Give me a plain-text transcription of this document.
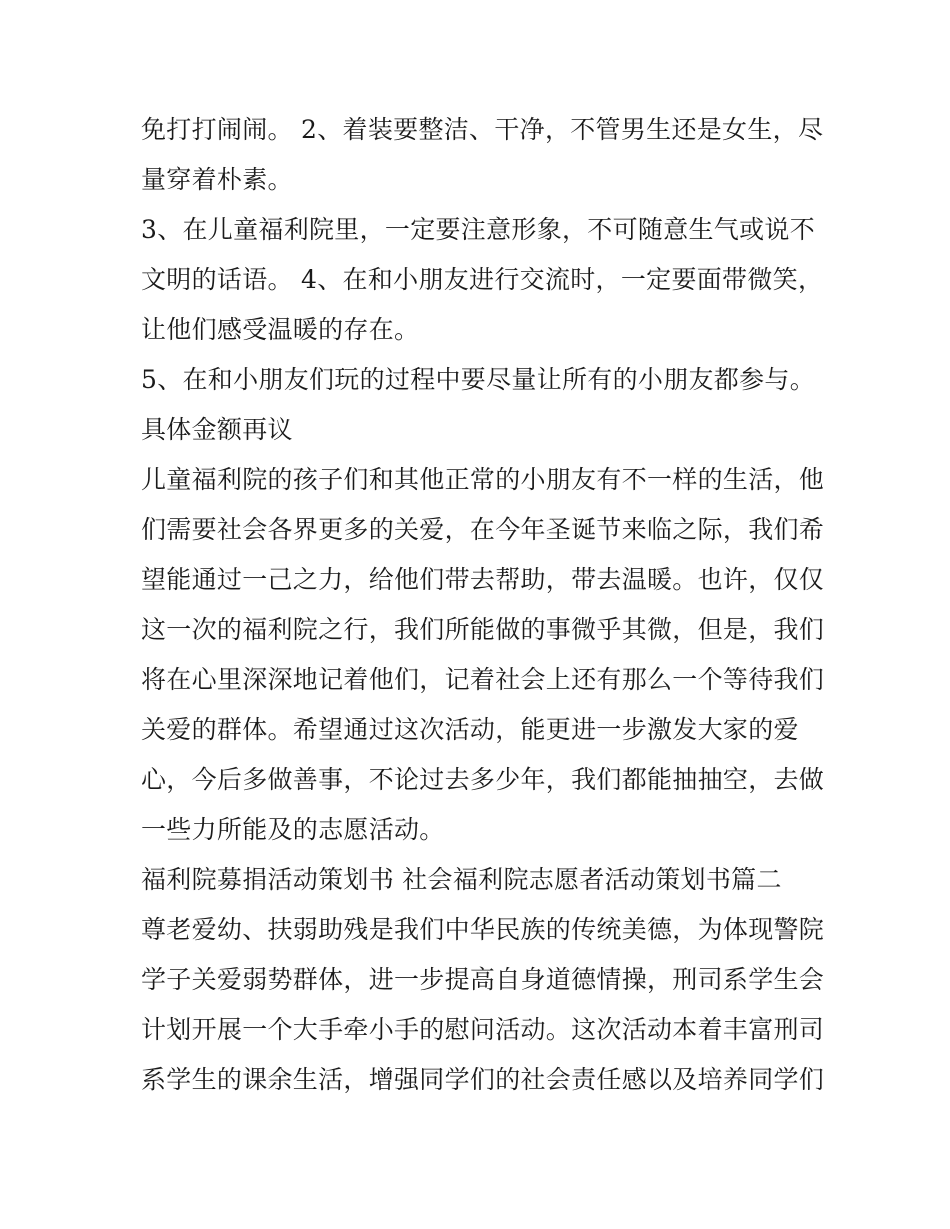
免打打闹闹。 2、着装要整洁、干净，不管男生还是女生，尽
量穿着朴素。
3、在儿童福利院里，一定要注意形象，不可随意生气或说不
文明的话语。 4、在和小朋友进行交流时，一定要面带微笑，
让他们感受温暖的存在。
5、在和小朋友们玩的过程中要尽量让所有的小朋友都参与。
具体金额再议
儿童福利院的孩子们和其他正常的小朋友有不一样的生活，他
们需要社会各界更多的关爱，在今年圣诞节来临之际，我们希
望能通过一己之力，给他们带去帮助，带去温暖。也许，仅仅
这一次的福利院之行，我们所能做的事微乎其微，但是，我们
将在心里深深地记着他们，记着社会上还有那么一个等待我们
关爱的群体。希望通过这次活动，能更进一步激发大家的爱
心，今后多做善事，不论过去多少年，我们都能抽抽空，去做
一些力所能及的志愿活动。
福利院募捐活动策划书 社会福利院志愿者活动策划书篇二
尊老爱幼、扶弱助残是我们中华民族的传统美德，为体现警院
学子关爱弱势群体，进一步提高自身道德情操，刑司系学生会
计划开展一个大手牵小手的慰问活动。这次活动本着丰富刑司
系学生的课余生活，增强同学们的社会责任感以及培养同学们
